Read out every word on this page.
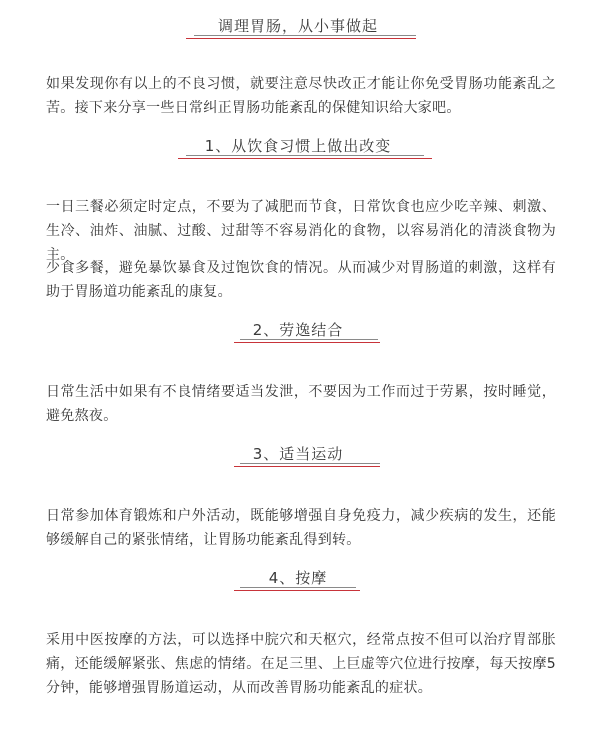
调理胃肠，从小事做起
如果发现你有以上的不良习惯，就要注意尽快改正才能让你免受胃肠功能紊乱之苦。接下来分享一些日常纠正胃肠功能紊乱的保健知识给大家吧。
1、从饮食习惯上做出改变
一日三餐必须定时定点，不要为了减肥而节食，日常饮食也应少吃辛辣、刺激、生冷、油炸、油腻、过酸、过甜等不容易消化的食物，以容易消化的清淡食物为主。
少食多餐，避免暴饮暴食及过饱饮食的情况。从而减少对胃肠道的刺激，这样有助于胃肠道功能紊乱的康复。
2、劳逸结合
日常生活中如果有不良情绪要适当发泄，不要因为工作而过于劳累，按时睡觉，避免熬夜。
3、适当运动
日常参加体育锻炼和户外活动，既能够增强自身免疫力，减少疾病的发生，还能够缓解自己的紧张情绪，让胃肠功能紊乱得到转。
4、按摩
采用中医按摩的方法，可以选择中脘穴和天枢穴，经常点按不但可以治疗胃部胀痛，还能缓解紧张、焦虑的情绪。在足三里、上巨虚等穴位进行按摩，每天按摩5分钟，能够增强胃肠道运动，从而改善胃肠功能紊乱的症状。
